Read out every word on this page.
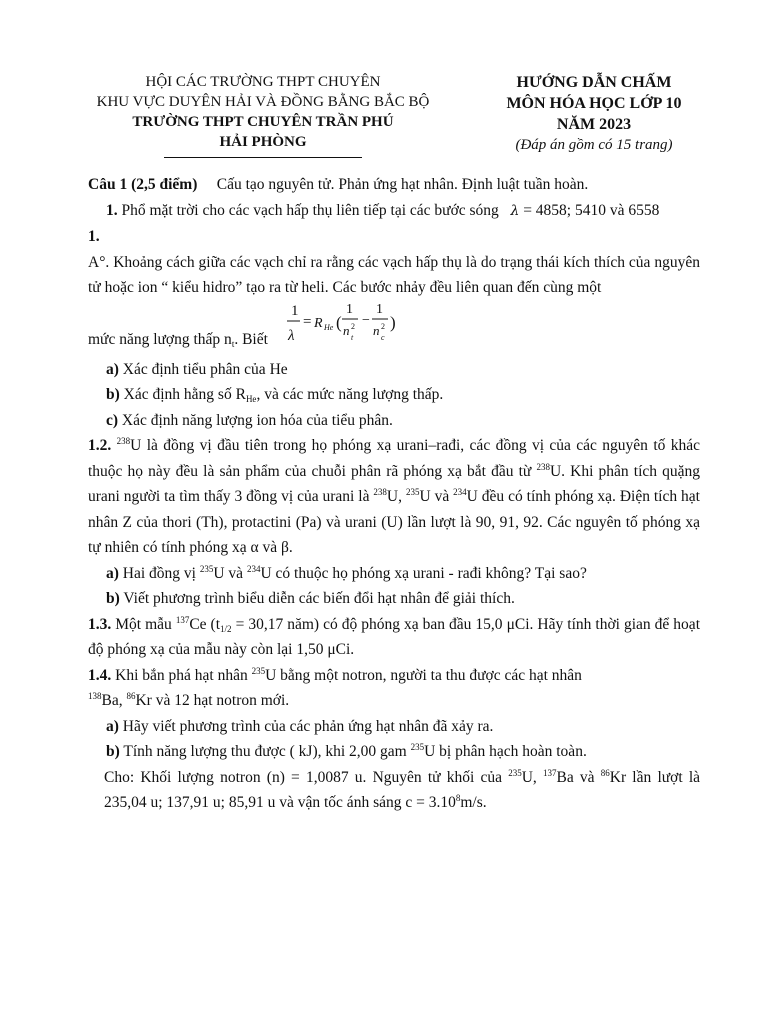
HỘI CÁC TRƯỜNG THPT CHUYÊN
KHU VỰC DUYÊN HẢI VÀ ĐỒNG BẰNG BẮC BỘ
TRƯỜNG THPT CHUYÊN TRẦN PHÚ
HẢI PHÒNG
HƯỚNG DẪN CHẤM
MÔN HÓA HỌC LỚP 10
NĂM 2023
(Đáp án gồm có 15 trang)

Câu 1 (2,5 điểm) Cấu tạo nguyên tử. Phản ứng hạt nhân. Định luật tuần hoàn.

1. Phổ mặt trời cho các vạch hấp thụ liên tiếp tại các bước sóng λ = 4858; 5410 và 6558

1.

A°. Khoảng cách giữa các vạch chỉ ra rằng các vạch hấp thụ là do trạng thái kích thích của nguyên tử hoặc ion “ kiểu hidro” tạo ra từ heli. Các bước nhảy đều liên quan đến cùng một

mức năng lượng thấp $n_t$. Biết
1
λ
= R He (
1
n 2
t
−
1
n 2
c
)

a) Xác định tiểu phân của He

b) Xác định hằng số $R_{He}$, và các mức năng lượng thấp.

c) Xác định năng lượng ion hóa của tiểu phân.

1.2. $^{238}$U là đồng vị đầu tiên trong họ phóng xạ urani–rađi, các đồng vị của các nguyên tố khác thuộc họ này đều là sản phẩm của chuỗi phân rã phóng xạ bắt đầu từ $^{238}$U. Khi phân tích quặng urani người ta tìm thấy 3 đồng vị của urani là $^{238}$U, $^{235}$U và $^{234}$U đều có tính phóng xạ. Điện tích hạt nhân Z của thori (Th), protactini (Pa) và urani (U) lần lượt là 90, 91, 92. Các nguyên tố phóng xạ tự nhiên có tính phóng xạ α và β.

a) Hai đồng vị $^{235}$U và $^{234}$U có thuộc họ phóng xạ urani - rađi không? Tại sao?

b) Viết phương trình biểu diễn các biến đổi hạt nhân để giải thích.

1.3. Một mẫu $^{137}$Ce ($t_{1/2} = 30,17$ năm) có độ phóng xạ ban đầu 15,0 μCi. Hãy tính thời gian để hoạt độ phóng xạ của mẫu này còn lại 1,50 μCi.

1.4. Khi bắn phá hạt nhân $^{235}$U bằng một notron, người ta thu được các hạt nhân

$^{138}$Ba, $^{86}$Kr và 12 hạt notron mới.

a) Hãy viết phương trình của các phản ứng hạt nhân đã xảy ra.

b) Tính năng lượng thu được ( kJ), khi 2,00 gam $^{235}$U bị phân hạch hoàn toàn.

Cho: Khối lượng notron (n) = 1,0087 u. Nguyên tử khối của $^{235}$U, $^{137}$Ba và $^{86}$Kr lần lượt là 235,04 u; 137,91 u; 85,91 u và vận tốc ánh sáng $c = 3.10^8m/s$.
